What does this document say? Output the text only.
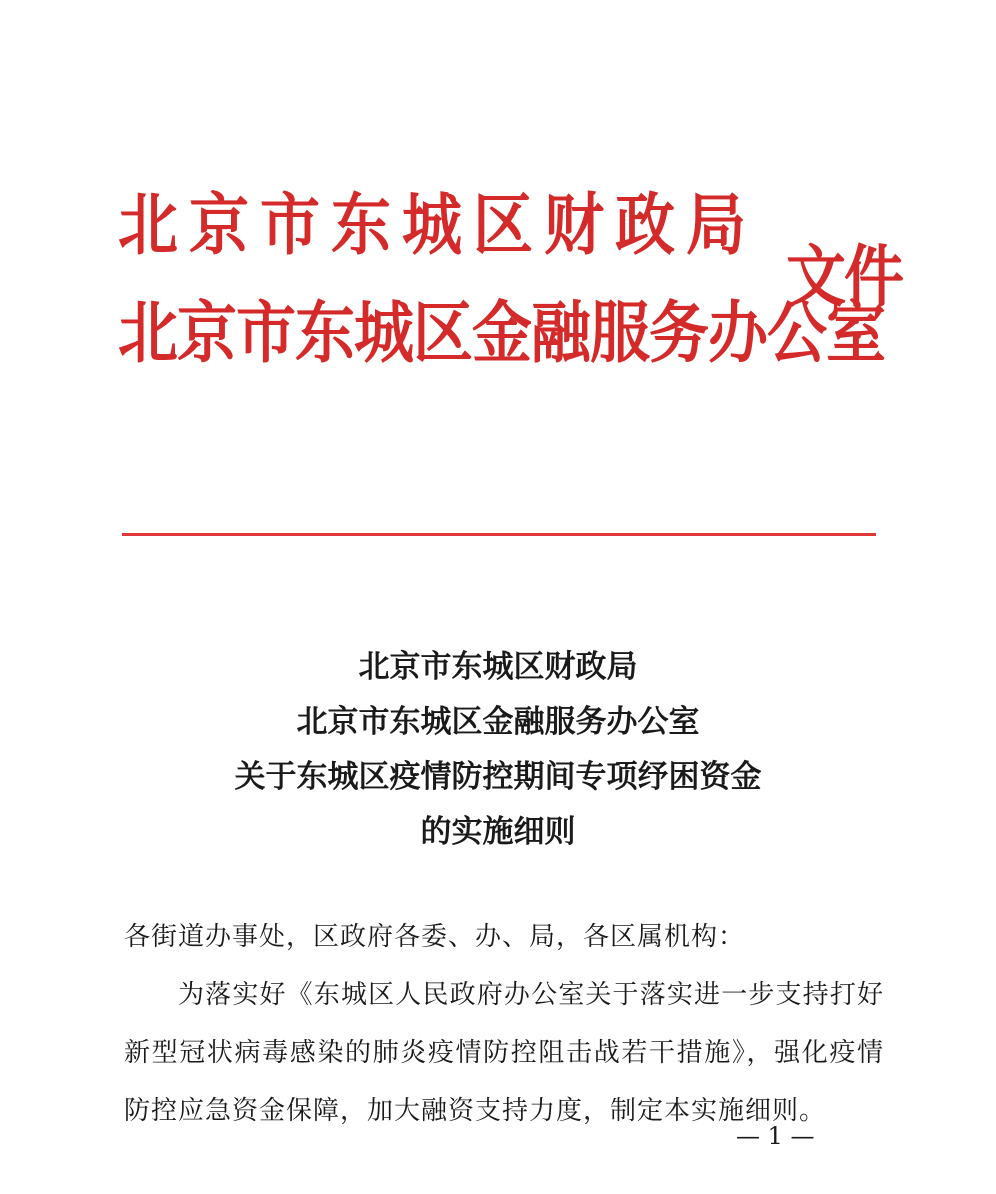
北京市东城区财政局
北京市东城区金融服务办公室
文件
北京市东城区财政局
北京市东城区金融服务办公室
关于东城区疫情防控期间专项纾困资金
的实施细则
各街道办事处，区政府各委、办、局，各区属机构：
为落实好《东城区人民政府办公室关于落实进一步支持打好新型冠状病毒感染的肺炎疫情防控阻击战若干措施》，强化疫情防控应急资金保障，加大融资支持力度，制定本实施细则。
— 1 —
